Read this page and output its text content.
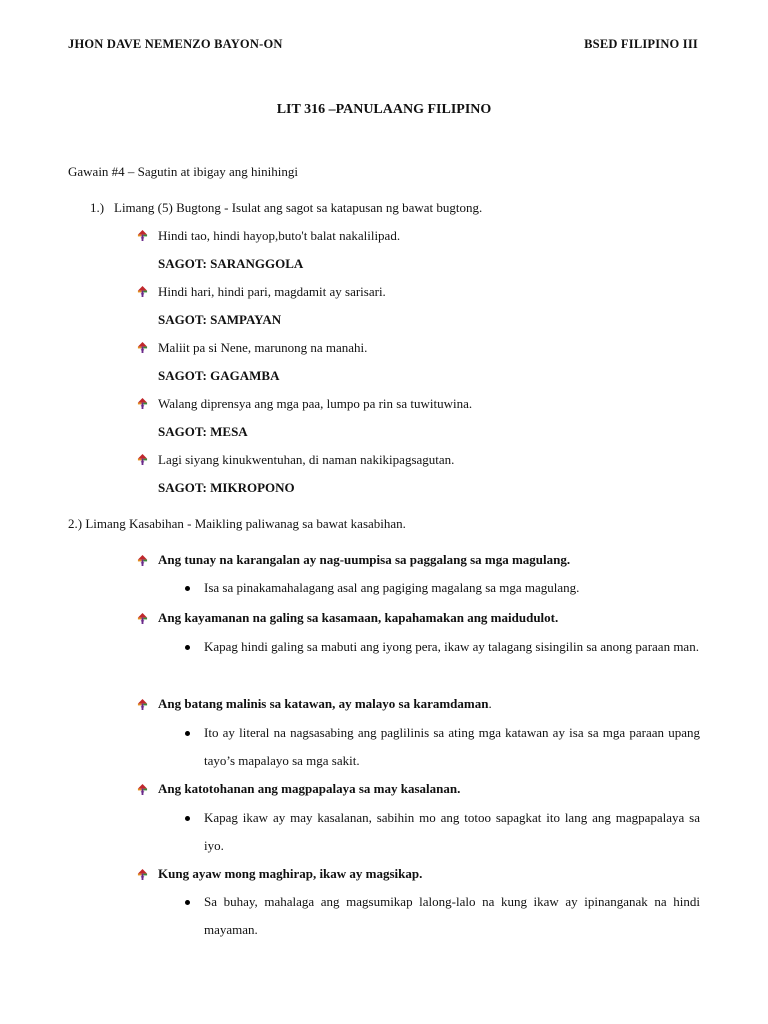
JHON DAVE NEMENZO BAYON-ON	BSED FILIPINO III
LIT 316 –PANULAANG FILIPINO
Gawain #4 – Sagutin at ibigay ang hinihingi
1.) Limang (5) Bugtong - Isulat ang sagot sa katapusan ng bawat bugtong.
Hindi tao, hindi hayop,buto't balat nakalilipad.
SAGOT: SARANGGOLA
Hindi hari, hindi pari, magdamit ay sarisari.
SAGOT: SAMPAYAN
Maliit pa si Nene, marunong na manahi.
SAGOT: GAGAMBA
Walang diprensya ang mga paa, lumpo pa rin sa tuwituwina.
SAGOT: MESA
Lagi siyang kinukwentuhan, di naman nakikipagsagutan.
SAGOT: MIKROPONO
2.) Limang Kasabihan - Maikling paliwanag sa bawat kasabihan.
Ang tunay na karangalan ay nag-uumpisa sa paggalang sa mga magulang.
Isa sa pinakamahalagang asal ang pagiging magalang sa mga magulang.
Ang kayamanan na galing sa kasamaan, kapahamakan ang maidudulot.
Kapag hindi galing sa mabuti ang iyong pera, ikaw ay talagang sisingilin sa anong paraan man.
Ang batang malinis sa katawan, ay malayo sa karamdaman.
Ito ay literal na nagsasabing ang paglilinis sa ating mga katawan ay isa sa mga paraan upang tayo’s mapalayo sa mga sakit.
Ang katotohanan ang magpapalaya sa may kasalanan.
Kapag ikaw ay may kasalanan, sabihin mo ang totoo sapagkat ito lang ang magpapalaya sa iyo.
Kung ayaw mong maghirap, ikaw ay magsikap.
Sa buhay, mahalaga ang magsumikap lalong-lalo na kung ikaw ay ipinanganak na hindi mayaman.
